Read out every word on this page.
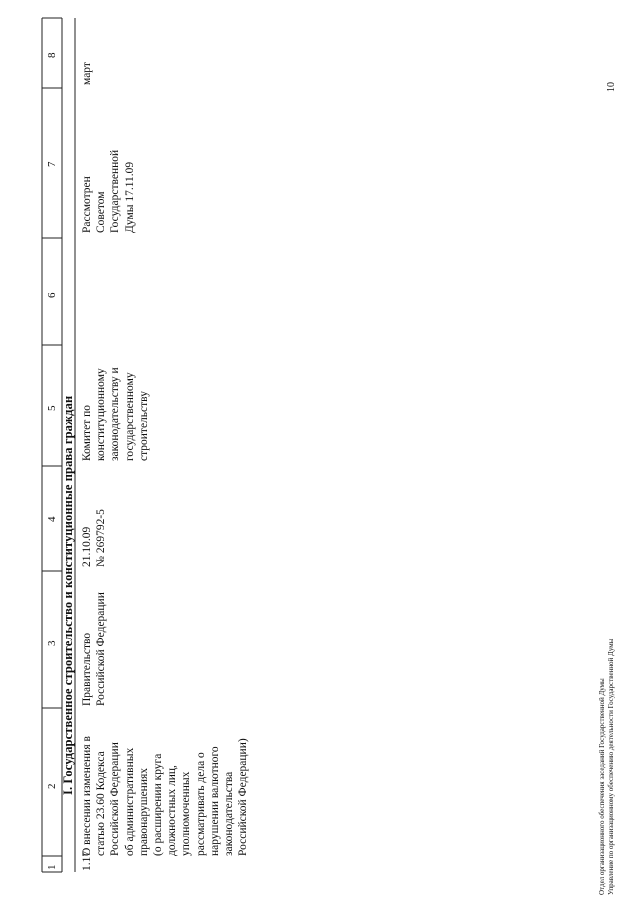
1
2
3
4
5
6
7
8
I. Государственное строительство и конституционные права граждан
1.17
О внесении изменения в статью 23.60 Кодекса Российской Федерации об административных правонарушениях (о расширении круга должностных лиц, уполномоченных рассматривать дела о нарушении валютного законодательства Российской Федерации)
Правительство Российской Федерации
21.10.09 № 269792-5
Комитет по конституционному законодательству и государственному строительству
Рассмотрен Советом Государственной Думы 17.11.09
март
Отдел организационного обеспечения заседаний Государственной Думы Управление по организационному обеспечению деятельности Государственной Думы
10
